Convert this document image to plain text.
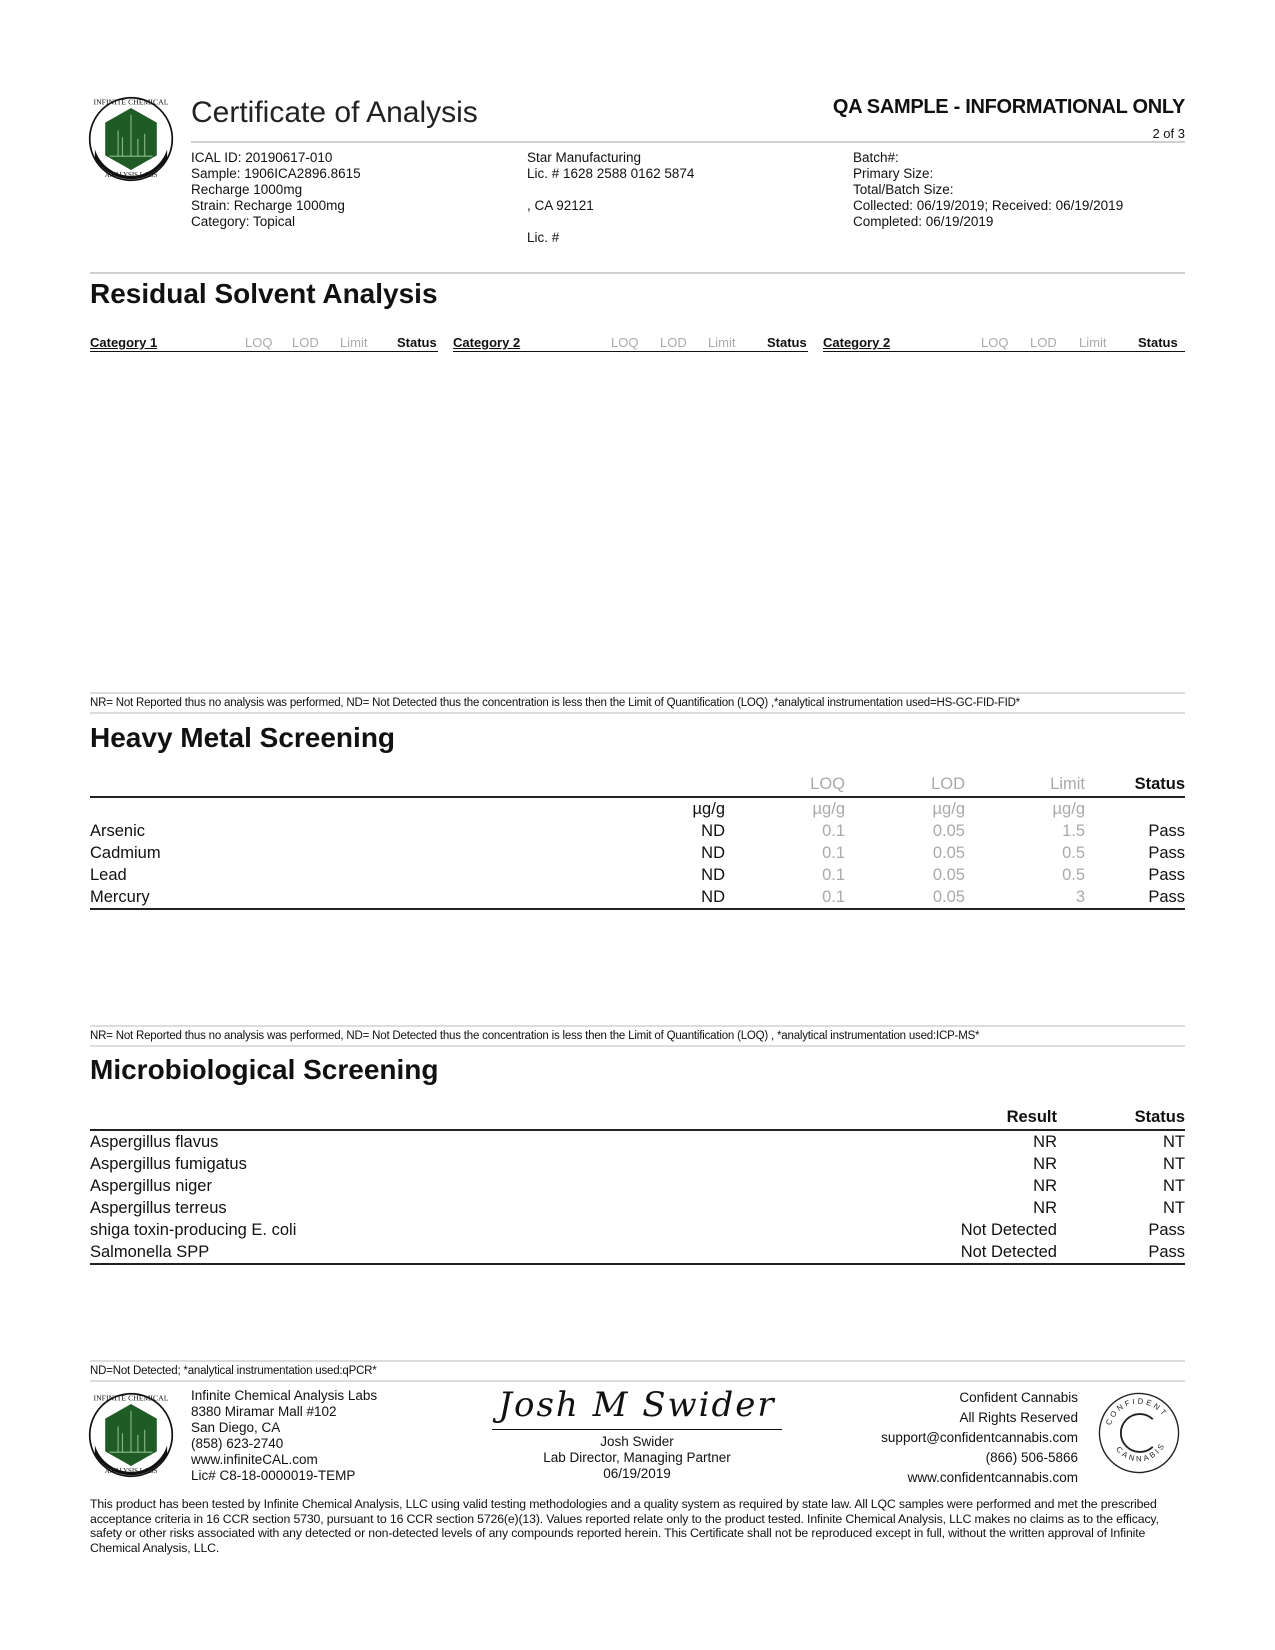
INFINITE CHEMICAL
ANALYSIS LABS
Certificate of Analysis	QA SAMPLE - INFORMATIONAL ONLY
2 of 3
ICAL ID: 20190617-010
Sample: 1906ICA2896.8615
Recharge 1000mg
Strain: Recharge 1000mg
Category: Topical
Star Manufacturing
Lic. # 1628 2588 0162 5874
, CA 92121
Lic. #
Batch#:
Primary Size:
Total/Batch Size:
Collected: 06/19/2019; Received: 06/19/2019
Completed: 06/19/2019
Residual Solvent Analysis
Category 1	LOQ	LOD	Limit	Status Category 2	LOQ	LOD	Limit	Status Category 2	LOQ	LOD	Limit	Status
NR= Not Reported thus no analysis was performed, ND= Not Detected thus the concentration is less then the Limit of Quantification (LOQ) ,*analytical instrumentation used=HS-GC-FID-FID*
Heavy Metal Screening
		LOQ	LOD	Limit	Status
	µg/g	µg/g	µg/g	µg/g	
Arsenic	ND	0.1	0.05	1.5	Pass
Cadmium	ND	0.1	0.05	0.5	Pass
Lead	ND	0.1	0.05	0.5	Pass
Mercury	ND	0.1	0.05	3	Pass
NR= Not Reported thus no analysis was performed, ND= Not Detected thus the concentration is less then the Limit of Quantification (LOQ) , *analytical instrumentation used:ICP-MS*
Microbiological Screening
	Result	Status
Aspergillus flavus	NR	NT
Aspergillus fumigatus	NR	NT
Aspergillus niger	NR	NT
Aspergillus terreus	NR	NT
shiga toxin-producing E. coli	Not Detected	Pass
Salmonella SPP	Not Detected	Pass
ND=Not Detected; *analytical instrumentation used:qPCR*
INFINITE CHEMICAL
ANALYSIS LABS
Infinite Chemical Analysis Labs
8380 Miramar Mall #102
San Diego, CA
(858) 623-2740
www.infiniteCAL.com
Lic# C8-18-0000019-TEMP
Josh M Swider
Josh Swider
Lab Director, Managing Partner
06/19/2019
Confident Cannabis
All Rights Reserved
support@confidentcannabis.com
(866) 506-5866
www.confidentcannabis.com
CONFIDENT
CANNABIS
This product has been tested by Infinite Chemical Analysis, LLC using valid testing methodologies and a quality system as required by state law. All LQC samples were performed and met the prescribed acceptance criteria in 16 CCR section 5730, pursuant to 16 CCR section 5726(e)(13). Values reported relate only to the product tested. Infinite Chemical Analysis, LLC makes no claims as to the efficacy, safety or other risks associated with any detected or non-detected levels of any compounds reported herein. This Certificate shall not be reproduced except in full, without the written approval of Infinite Chemical Analysis, LLC.
